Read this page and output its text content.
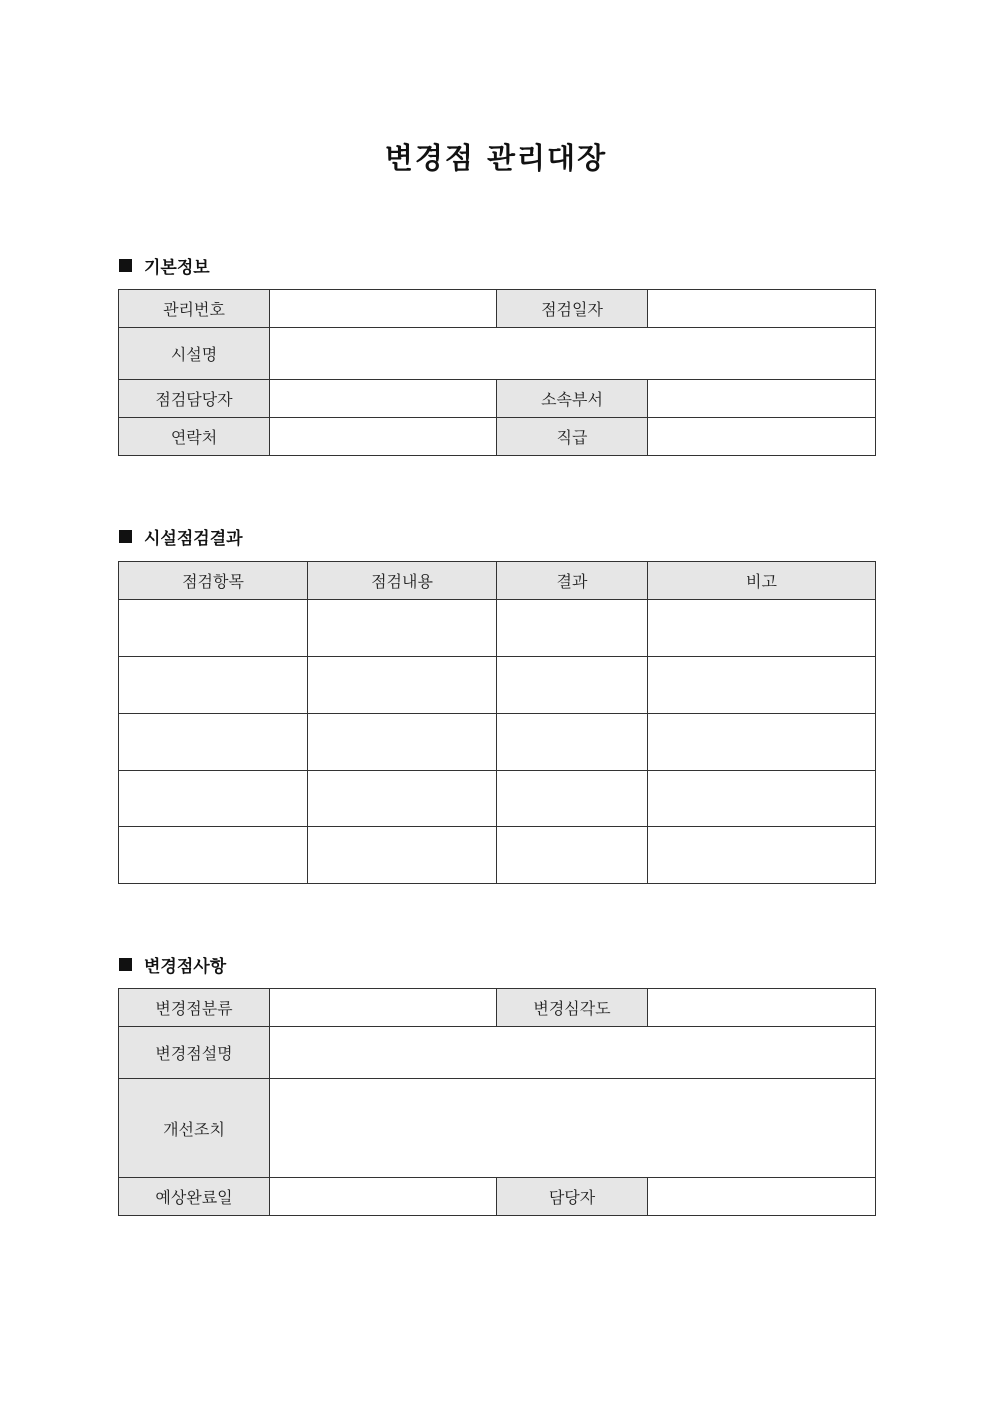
변경점 관리대장
기본정보
관리번호		점검일자	
시설명			
점검담당자		소속부서	
연락처		직급	
시설점검결과
점검항목	점검내용	결과	비고

변경점사항
변경점분류		변경심각도	
변경점설명			
개선조치			
예상완료일		담당자	
